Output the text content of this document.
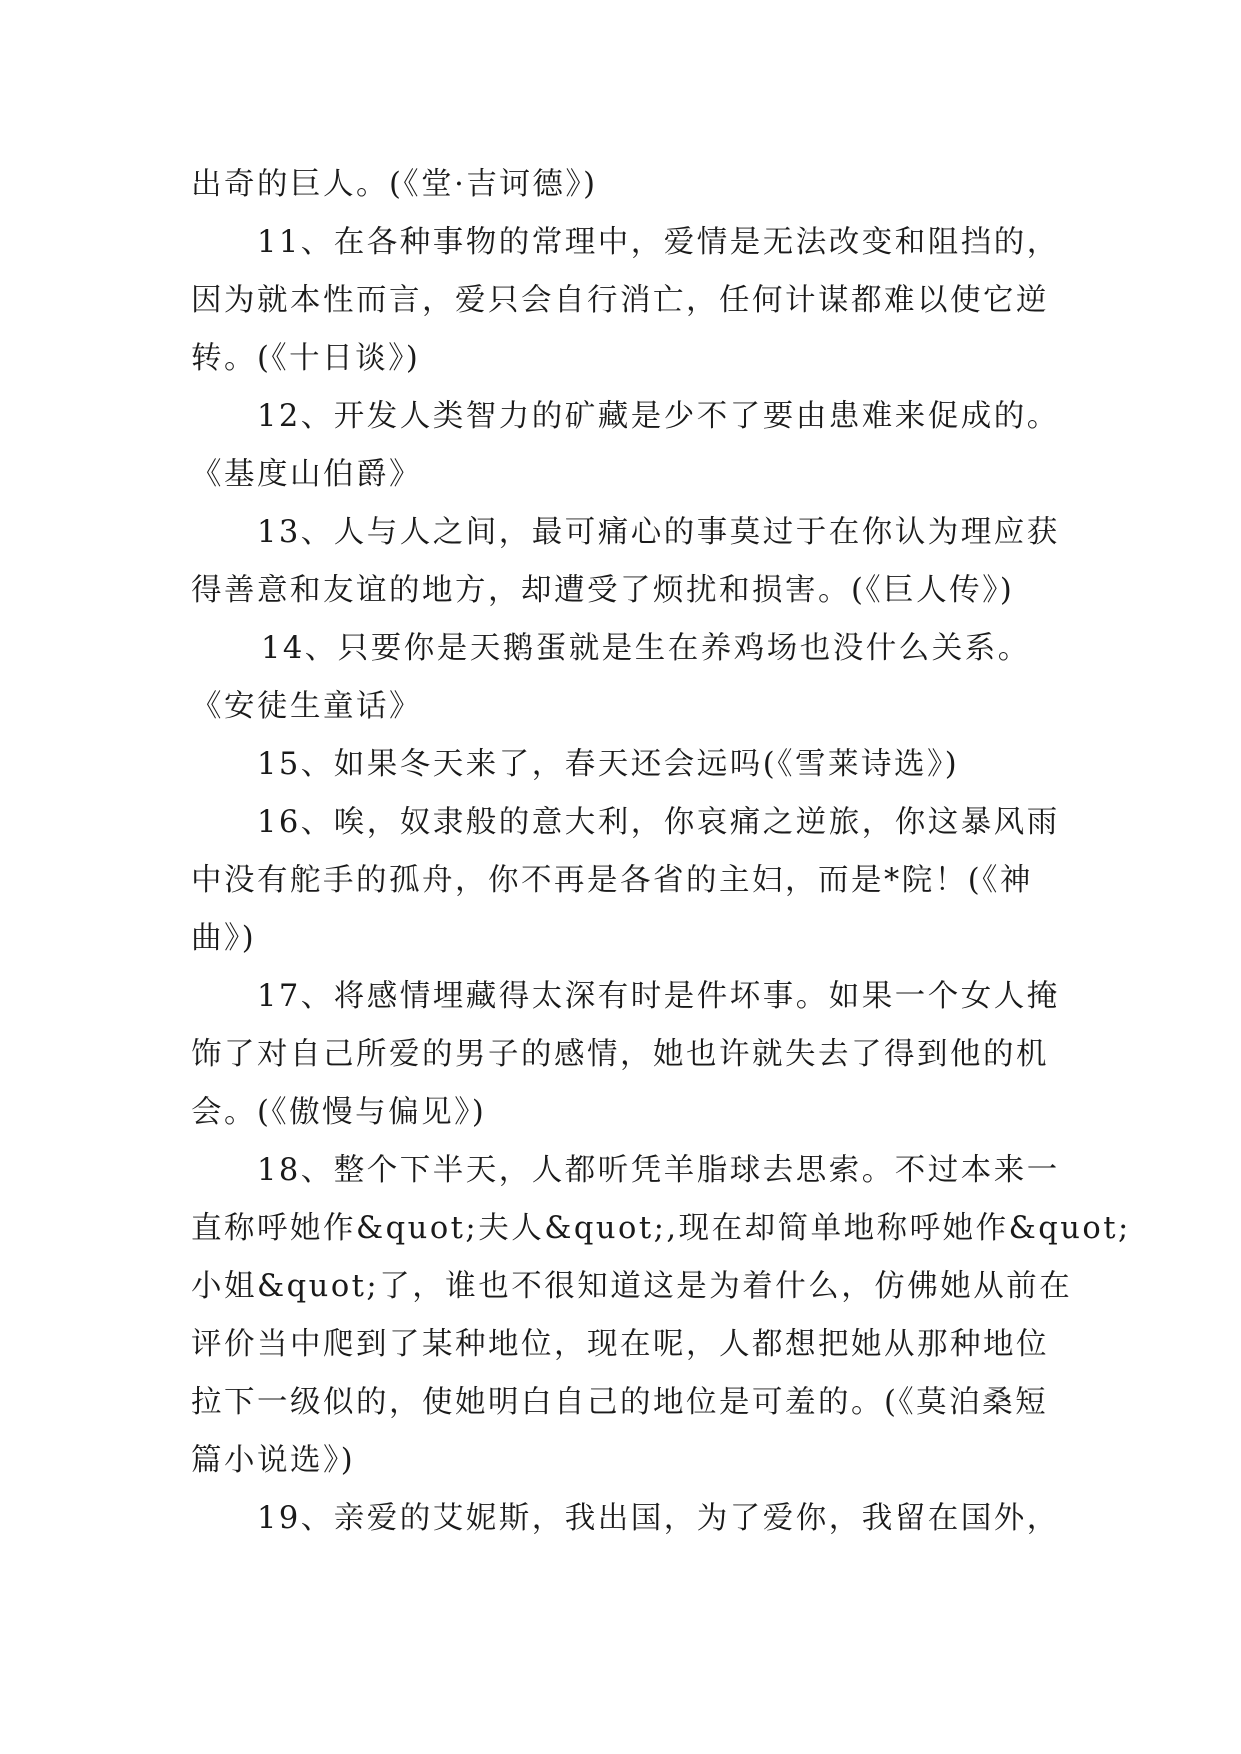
出奇的巨人。(《堂·吉诃德》)
11、在各种事物的常理中，爱情是无法改变和阻挡的，
因为就本性而言，爱只会自行消亡，任何计谋都难以使它逆
转。(《十日谈》)
12、开发人类智力的矿藏是少不了要由患难来促成的。
《基度山伯爵》
13、人与人之间，最可痛心的事莫过于在你认为理应获
得善意和友谊的地方，却遭受了烦扰和损害。(《巨人传》)
14、只要你是天鹅蛋就是生在养鸡场也没什么关系。
《安徒生童话》
15、如果冬天来了，春天还会远吗(《雪莱诗选》)
16、唉，奴隶般的意大利，你哀痛之逆旅，你这暴风雨
中没有舵手的孤舟，你不再是各省的主妇，而是*院！(《神
曲》)
17、将感情埋藏得太深有时是件坏事。如果一个女人掩
饰了对自己所爱的男子的感情，她也许就失去了得到他的机
会。(《傲慢与偏见》)
18、整个下半天，人都听凭羊脂球去思索。不过本来一
直称呼她作&quot;夫人&quot;,现在却简单地称呼她作&quot;
小姐&quot;了，谁也不很知道这是为着什么，仿佛她从前在
评价当中爬到了某种地位，现在呢，人都想把她从那种地位
拉下一级似的，使她明白自己的地位是可羞的。(《莫泊桑短
篇小说选》)
19、亲爱的艾妮斯，我出国，为了爱你，我留在国外，
